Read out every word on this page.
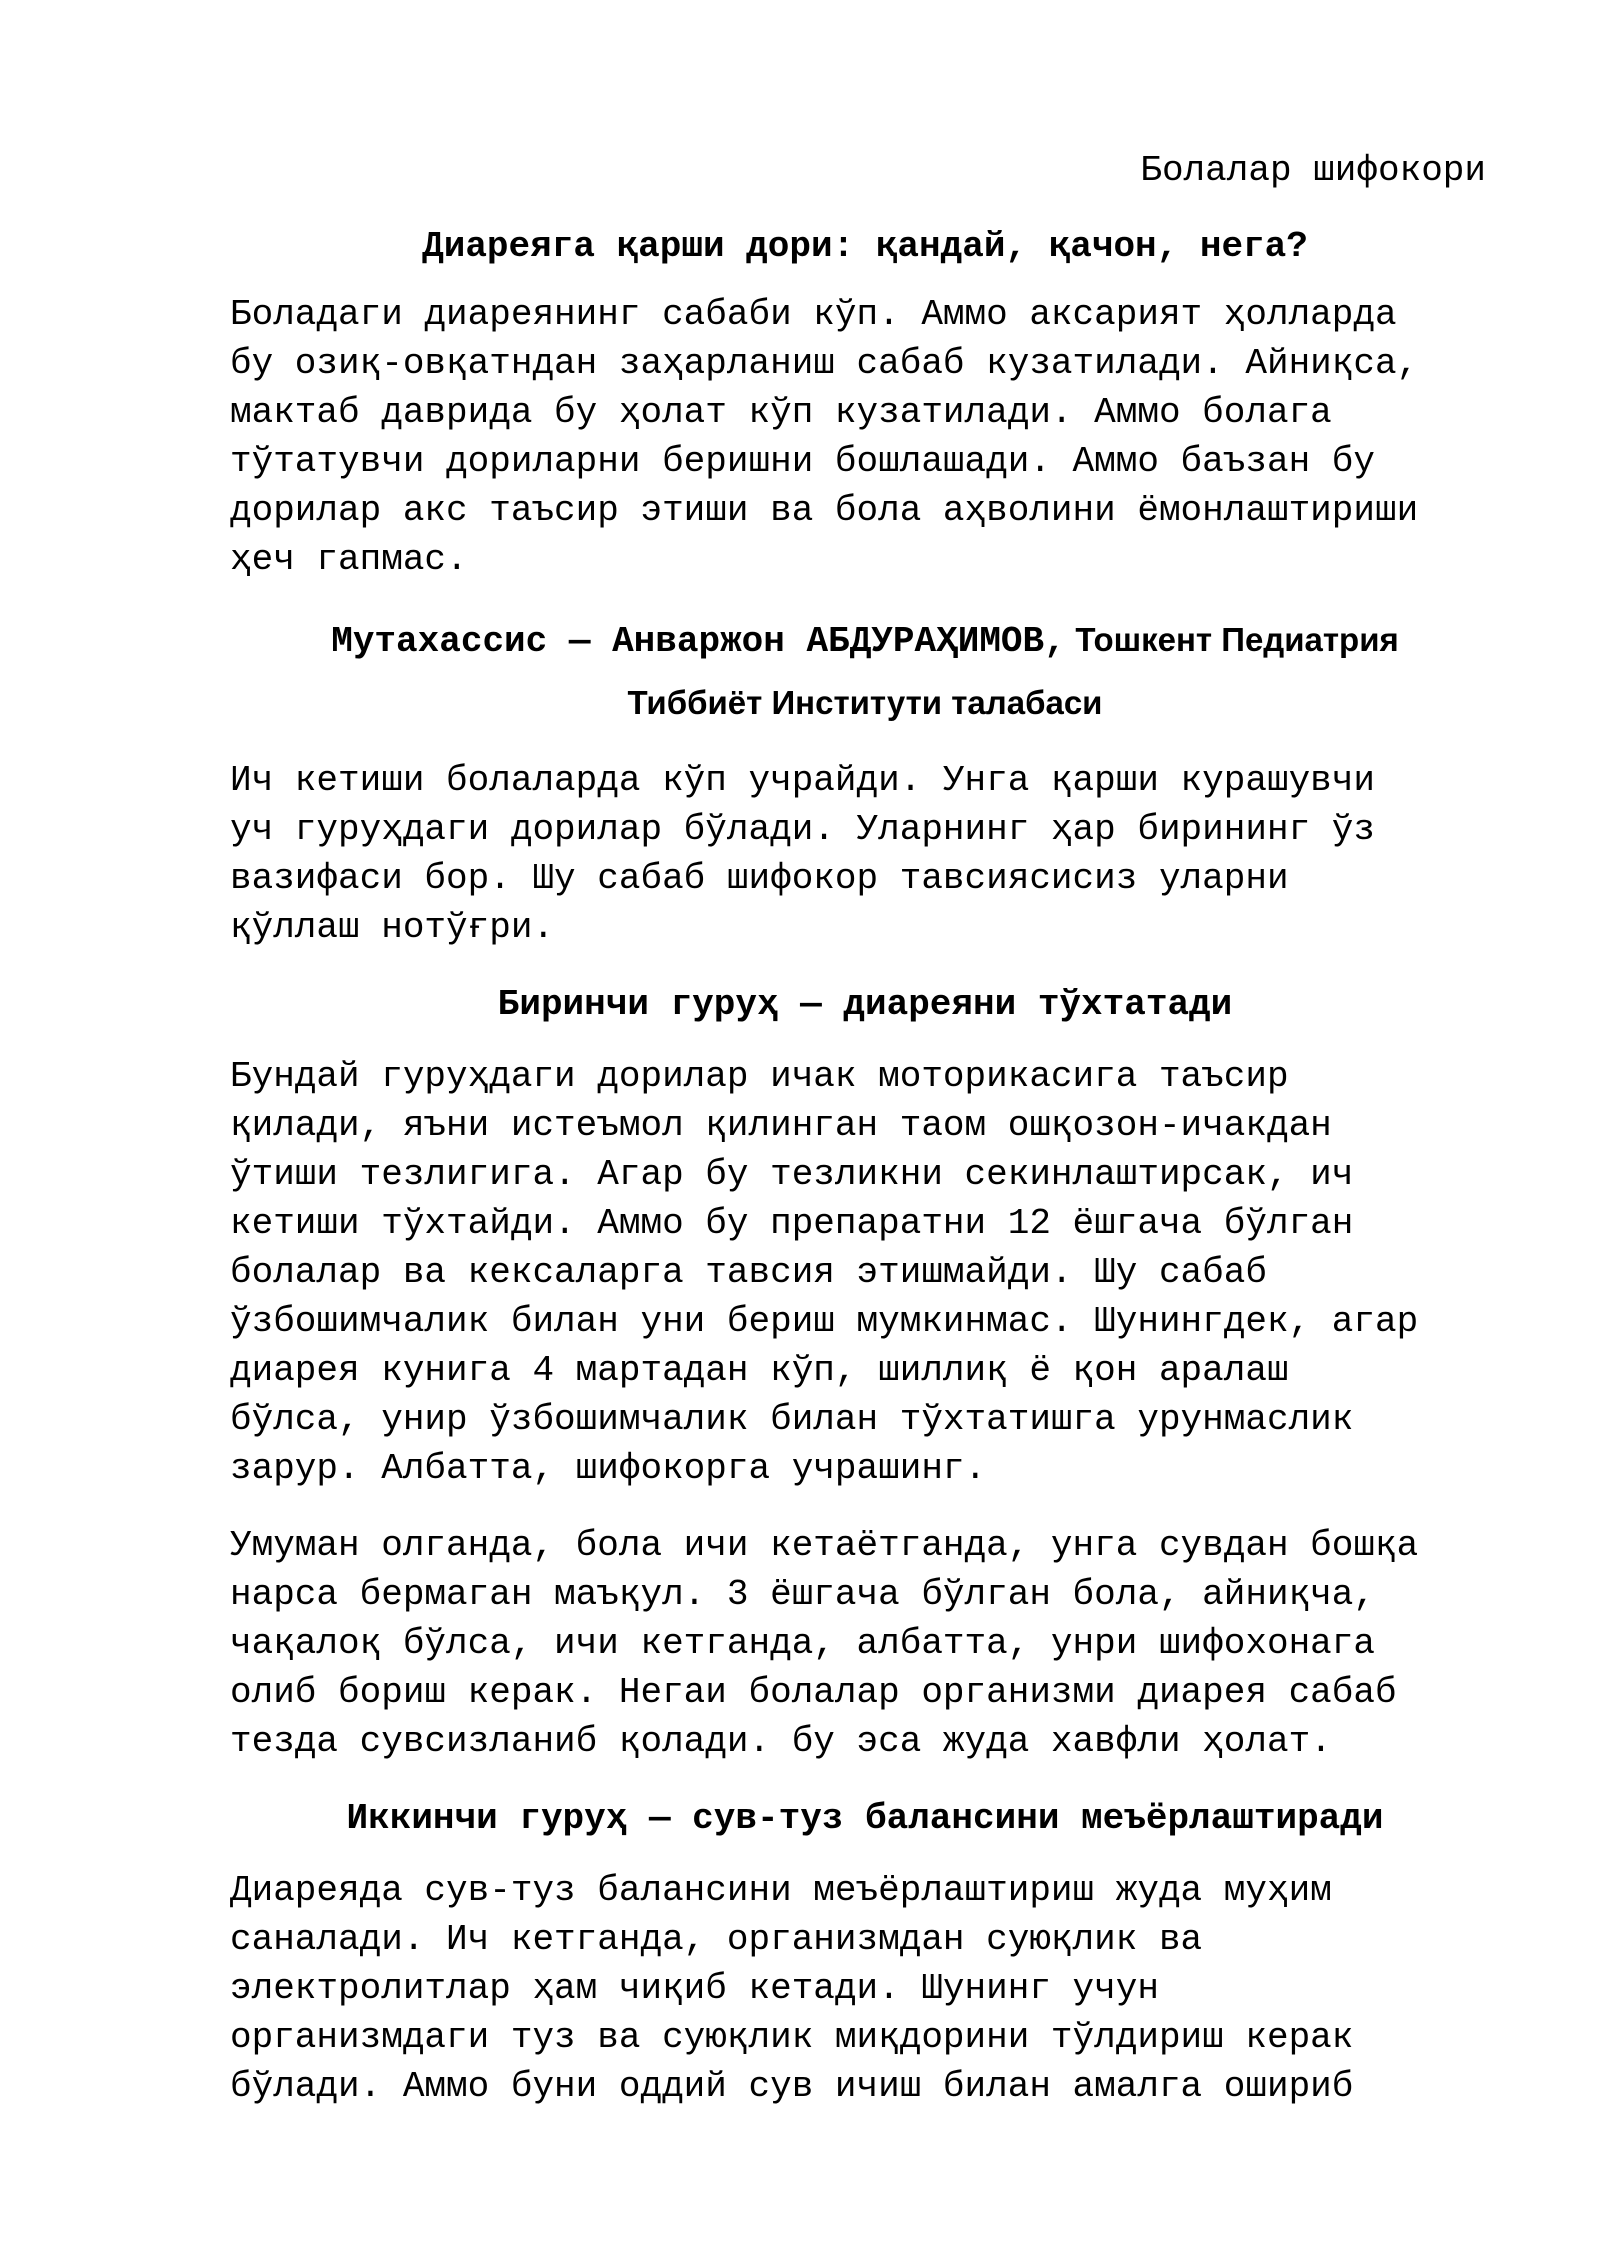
Болалар шифокори
Диареяга қарши дори: қандай, қачон, нега?

Боладаги диареянинг сабаби кўп. Аммо аксарият ҳолларда
бу озиқ-овқатндан заҳарланиш сабаб кузатилади. Айниқса,
мактаб даврида бу ҳолат кўп кузатилади. Аммо болага
тўтатувчи дориларни беришни бошлашади. Аммо баъзан бу
дорилар акс таъсир этиши ва бола аҳволини ёмонлаштириши
ҳеч гапмас.

Мутахассис — Анваржон АБДУРАҲИМОВ, Тошкент Педиатрия
Тиббиёт Институти талабаси

Ич кетиши болаларда кўп учрайди. Унга қарши курашувчи
уч гуруҳдаги дорилар бўлади. Уларнинг ҳар бирининг ўз
вазифаси бор. Шу сабаб шифокор тавсиясисиз уларни
қўллаш нотўғри.

Биринчи гуруҳ — диареяни тўхтатади

Бундай гуруҳдаги дорилар ичак моторикасига таъсир
қилади, яъни истеъмол қилинган таом ошқозон-ичакдан
ўтиши тезлигига. Агар бу тезликни секинлаштирсак, ич
кетиши тўхтайди. Аммо бу препаратни 12 ёшгача бўлган
болалар ва кексаларга тавсия этишмайди. Шу сабаб
ўзбошимчалик билан уни бериш мумкинмас. Шунингдек, агар
диарея кунига 4 мартадан кўп, шиллиқ ё қон аралаш
бўлса, унир ўзбошимчалик билан тўхтатишга урунмаслик
зарур. Албатта, шифокорга учрашинг.

Умуман олганда, бола ичи кетаётганда, унга сувдан бошқа
нарса бермаган маъқул. 3 ёшгача бўлган бола, айниқча,
чақалоқ бўлса, ичи кетганда, албатта, унри шифохонага
олиб бориш керак. Негаи болалар организми диарея сабаб
тезда сувсизланиб қолади. бу эса жуда хавфли ҳолат.

Иккинчи гуруҳ — сув-туз балансини меъёрлаштиради

Диареяда сув-туз балансини меъёрлаштириш жуда муҳим
саналади. Ич кетганда, организмдан суюқлик ва
электролитлар ҳам чиқиб кетади. Шунинг учун
организмдаги туз ва суюқлик миқдорини тўлдириш керак
бўлади. Аммо буни оддий сув ичиш билан амалга ошириб
